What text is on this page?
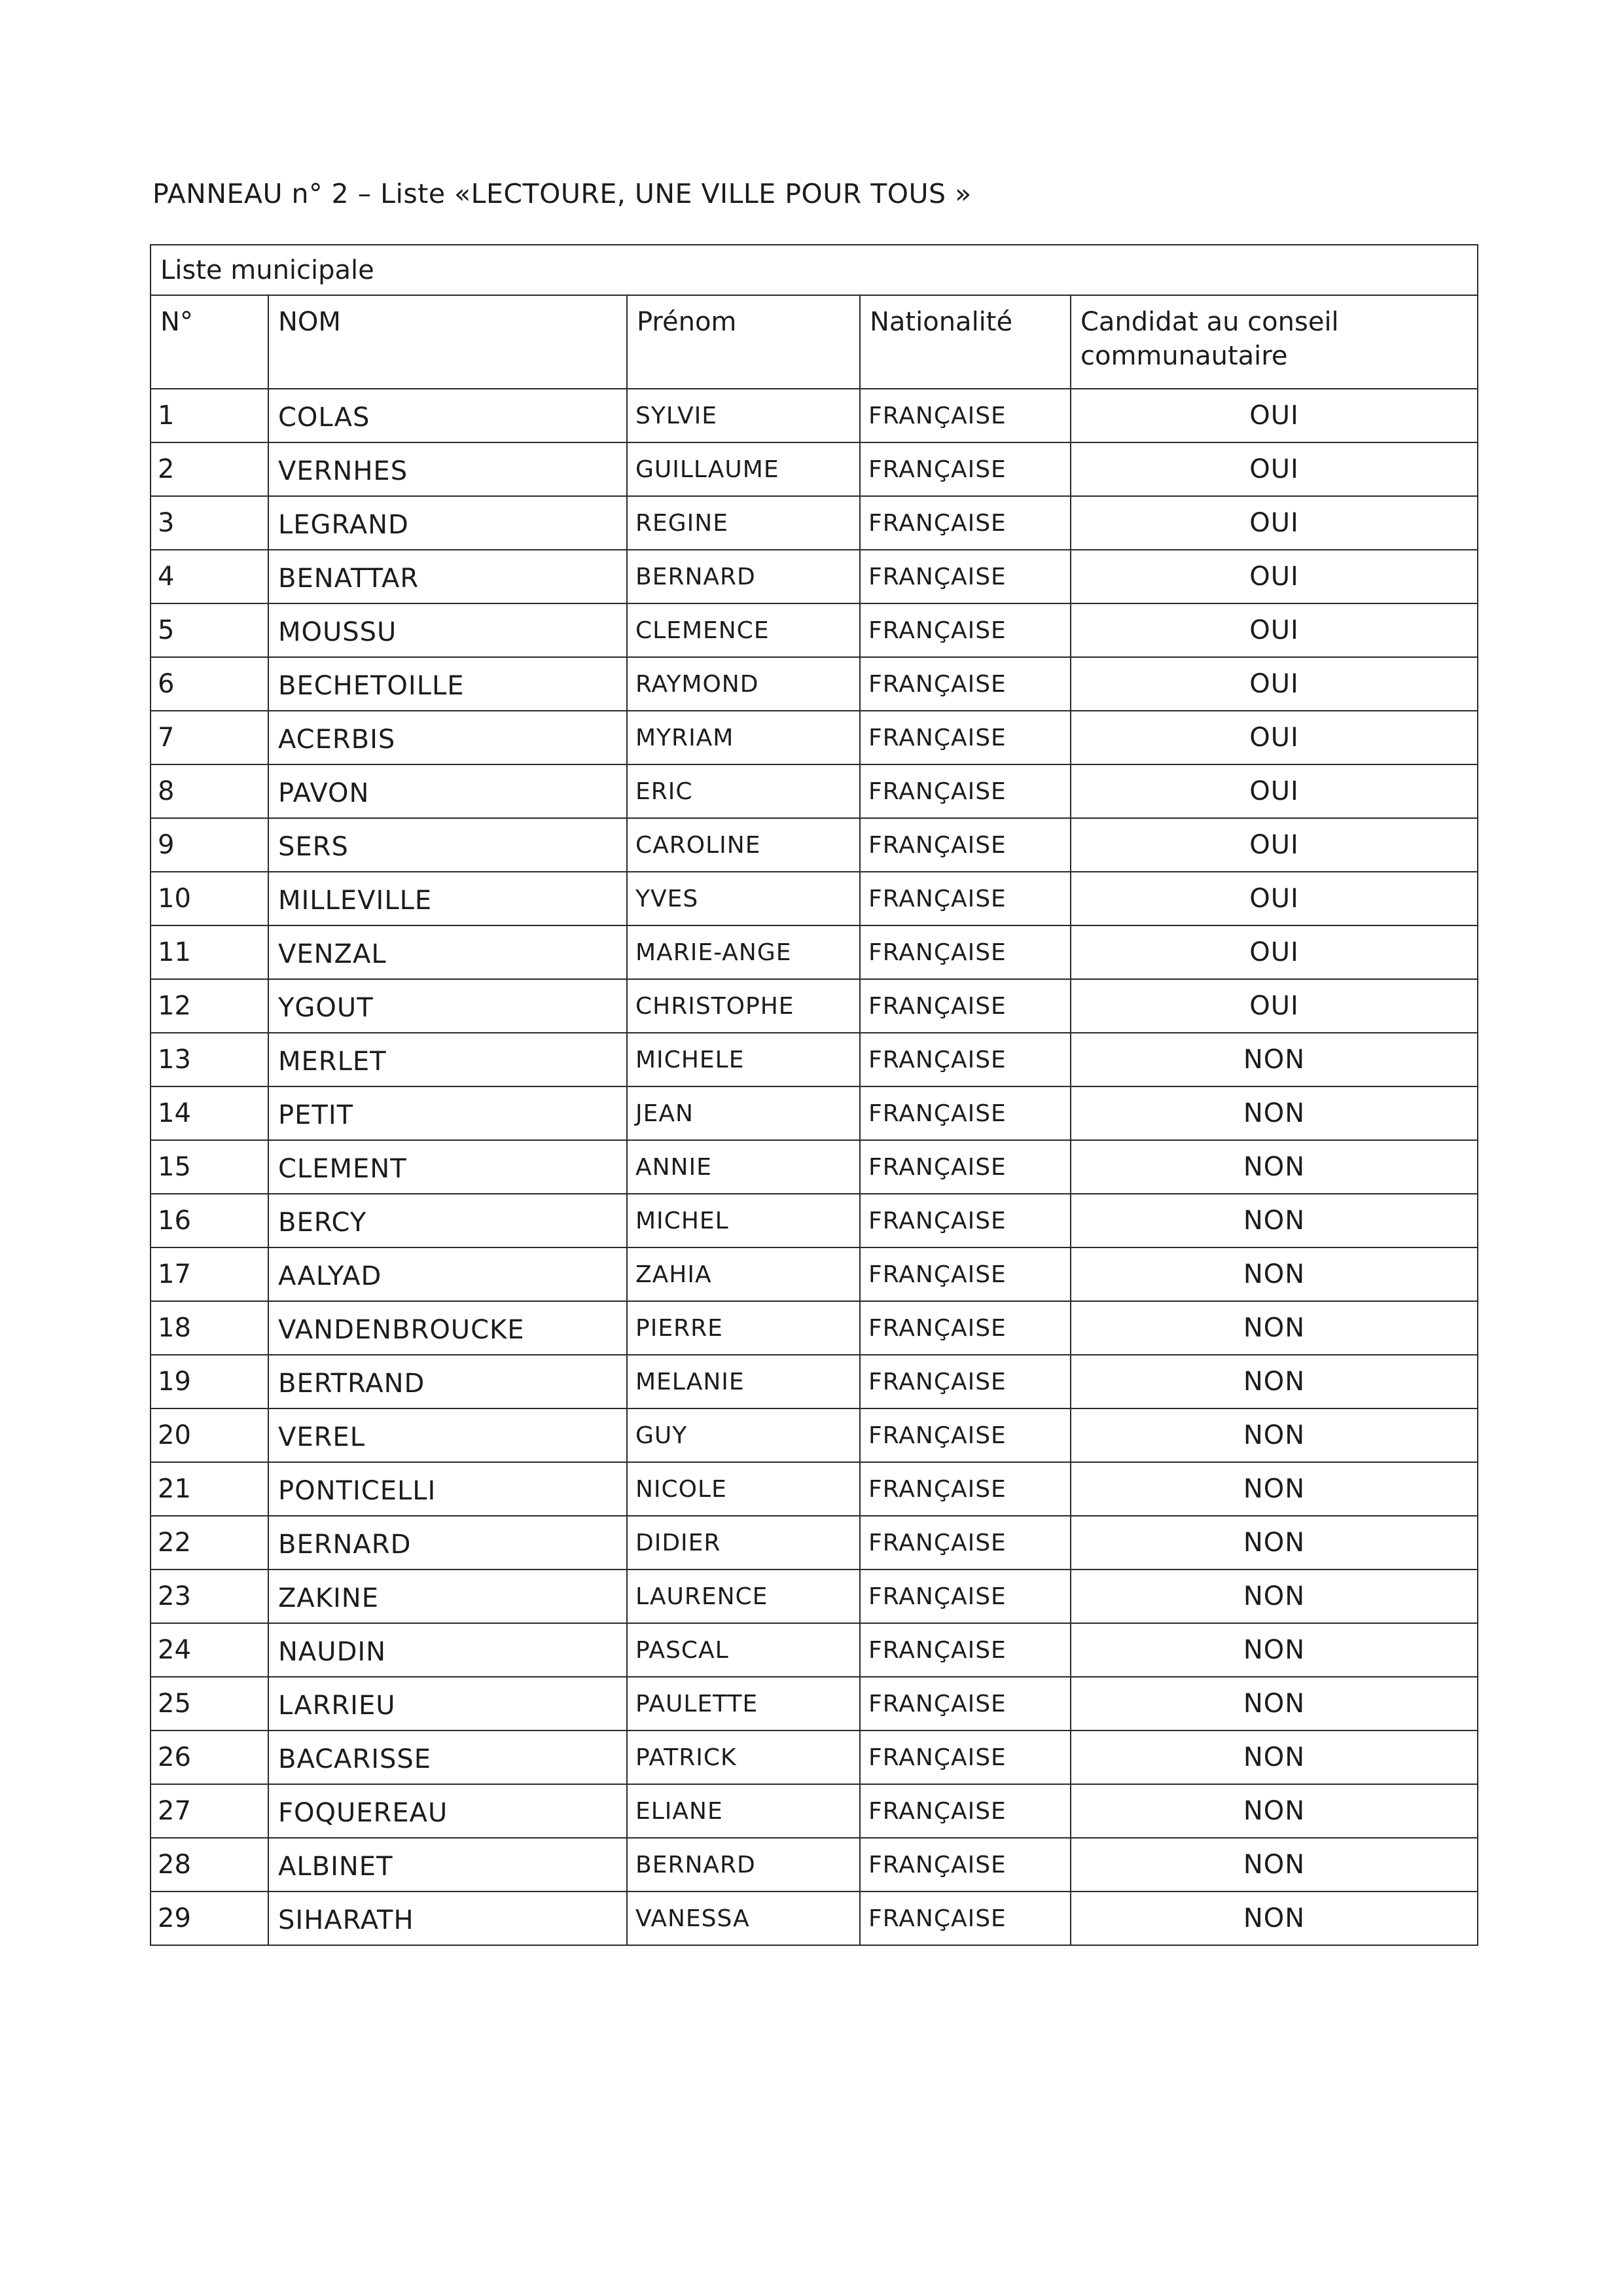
PANNEAU n° 2 – Liste «LECTOURE, UNE VILLE POUR TOUS »
Liste municipale				
N°	NOM	Prénom	Nationalité	Candidat au conseil communautaire
1	COLAS	SYLVIE	FRANÇAISE	OUI
2	VERNHES	GUILLAUME	FRANÇAISE	OUI
3	LEGRAND	REGINE	FRANÇAISE	OUI
4	BENATTAR	BERNARD	FRANÇAISE	OUI
5	MOUSSU	CLEMENCE	FRANÇAISE	OUI
6	BECHETOILLE	RAYMOND	FRANÇAISE	OUI
7	ACERBIS	MYRIAM	FRANÇAISE	OUI
8	PAVON	ERIC	FRANÇAISE	OUI
9	SERS	CAROLINE	FRANÇAISE	OUI
10	MILLEVILLE	YVES	FRANÇAISE	OUI
11	VENZAL	MARIE-ANGE	FRANÇAISE	OUI
12	YGOUT	CHRISTOPHE	FRANÇAISE	OUI
13	MERLET	MICHELE	FRANÇAISE	NON
14	PETIT	JEAN	FRANÇAISE	NON
15	CLEMENT	ANNIE	FRANÇAISE	NON
16	BERCY	MICHEL	FRANÇAISE	NON
17	AALYAD	ZAHIA	FRANÇAISE	NON
18	VANDENBROUCKE	PIERRE	FRANÇAISE	NON
19	BERTRAND	MELANIE	FRANÇAISE	NON
20	VEREL	GUY	FRANÇAISE	NON
21	PONTICELLI	NICOLE	FRANÇAISE	NON
22	BERNARD	DIDIER	FRANÇAISE	NON
23	ZAKINE	LAURENCE	FRANÇAISE	NON
24	NAUDIN	PASCAL	FRANÇAISE	NON
25	LARRIEU	PAULETTE	FRANÇAISE	NON
26	BACARISSE	PATRICK	FRANÇAISE	NON
27	FOQUEREAU	ELIANE	FRANÇAISE	NON
28	ALBINET	BERNARD	FRANÇAISE	NON
29	SIHARATH	VANESSA	FRANÇAISE	NON
